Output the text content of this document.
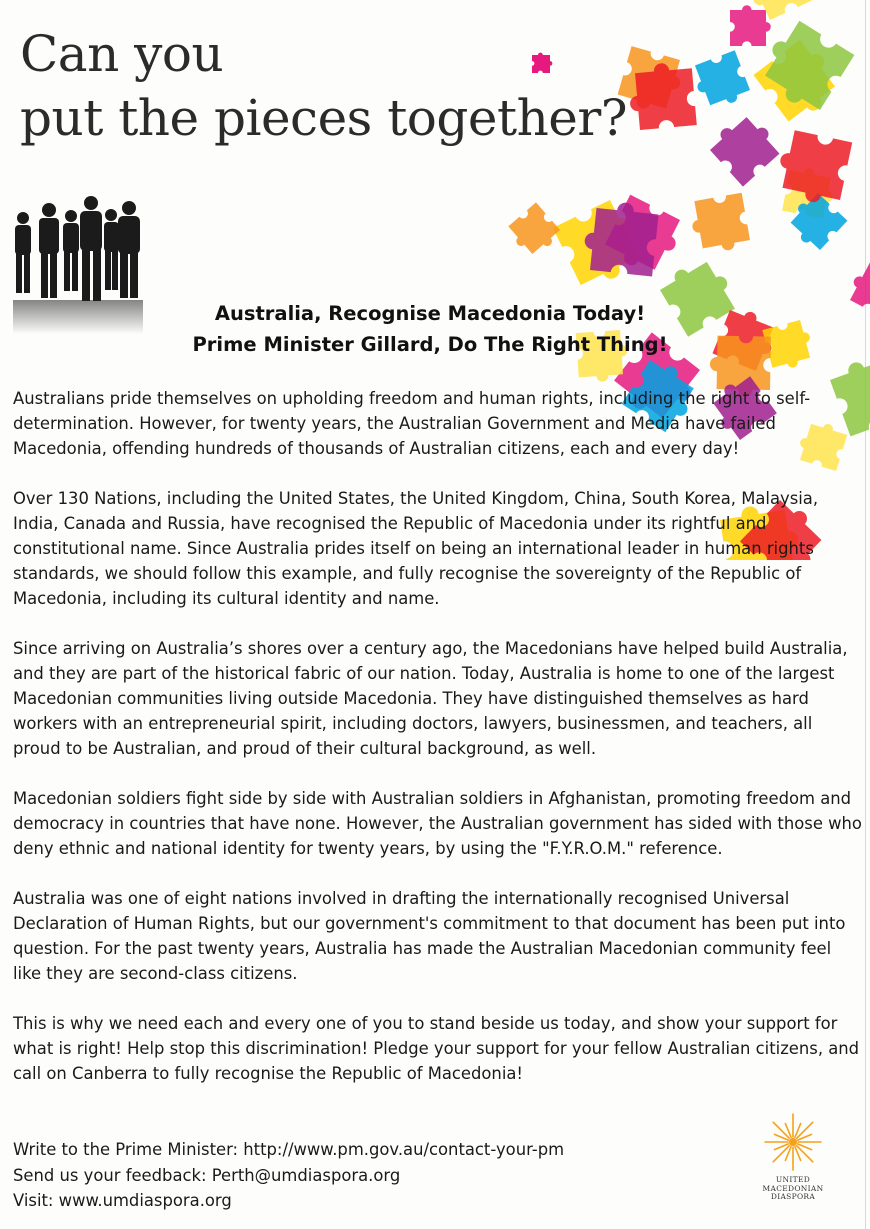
Can you
put the pieces together?
Australia, Recognise Macedonia Today!
Prime Minister Gillard, Do The Right Thing!

Australians pride themselves on upholding freedom and human rights, including the right to self-determination. However, for twenty years, the Australian Government and Media have failed Macedonia, offending hundreds of thousands of Australian citizens, each and every day!

Over 130 Nations, including the United States, the United Kingdom, China, South Korea, Malaysia, India, Canada and Russia, have recognised the Republic of Macedonia under its rightful and constitutional name. Since Australia prides itself on being an international leader in human rights standards, we should follow this example, and fully recognise the sovereignty of the Republic of Macedonia, including its cultural identity and name.

Since arriving on Australia’s shores over a century ago, the Macedonians have helped build Australia, and they are part of the historical fabric of our nation. Today, Australia is home to one of the largest Macedonian communities living outside Macedonia. They have distinguished themselves as hard workers with an entrepreneurial spirit, including doctors, lawyers, businessmen, and teachers, all proud to be Australian, and proud of their cultural background, as well.

Macedonian soldiers fight side by side with Australian soldiers in Afghanistan, promoting freedom and democracy in countries that have none. However, the Australian government has sided with those who deny ethnic and national identity for twenty years, by using the "F.Y.R.O.M." reference.

Australia was one of eight nations involved in drafting the internationally recognised Universal Declaration of Human Rights, but our government's commitment to that document has been put into question. For the past twenty years, Australia has made the Australian Macedonian community feel like they are second-class citizens.

This is why we need each and every one of you to stand beside us today, and show your support for what is right! Help stop this discrimination! Pledge your support for your fellow Australian citizens, and call on Canberra to fully recognise the Republic of Macedonia!

Write to the Prime Minister: http://www.pm.gov.au/contact-your-pm
Send us your feedback: Perth@umdiaspora.org
Visit: www.umdiaspora.org
UNITED
MACEDONIAN
DIASPORA
